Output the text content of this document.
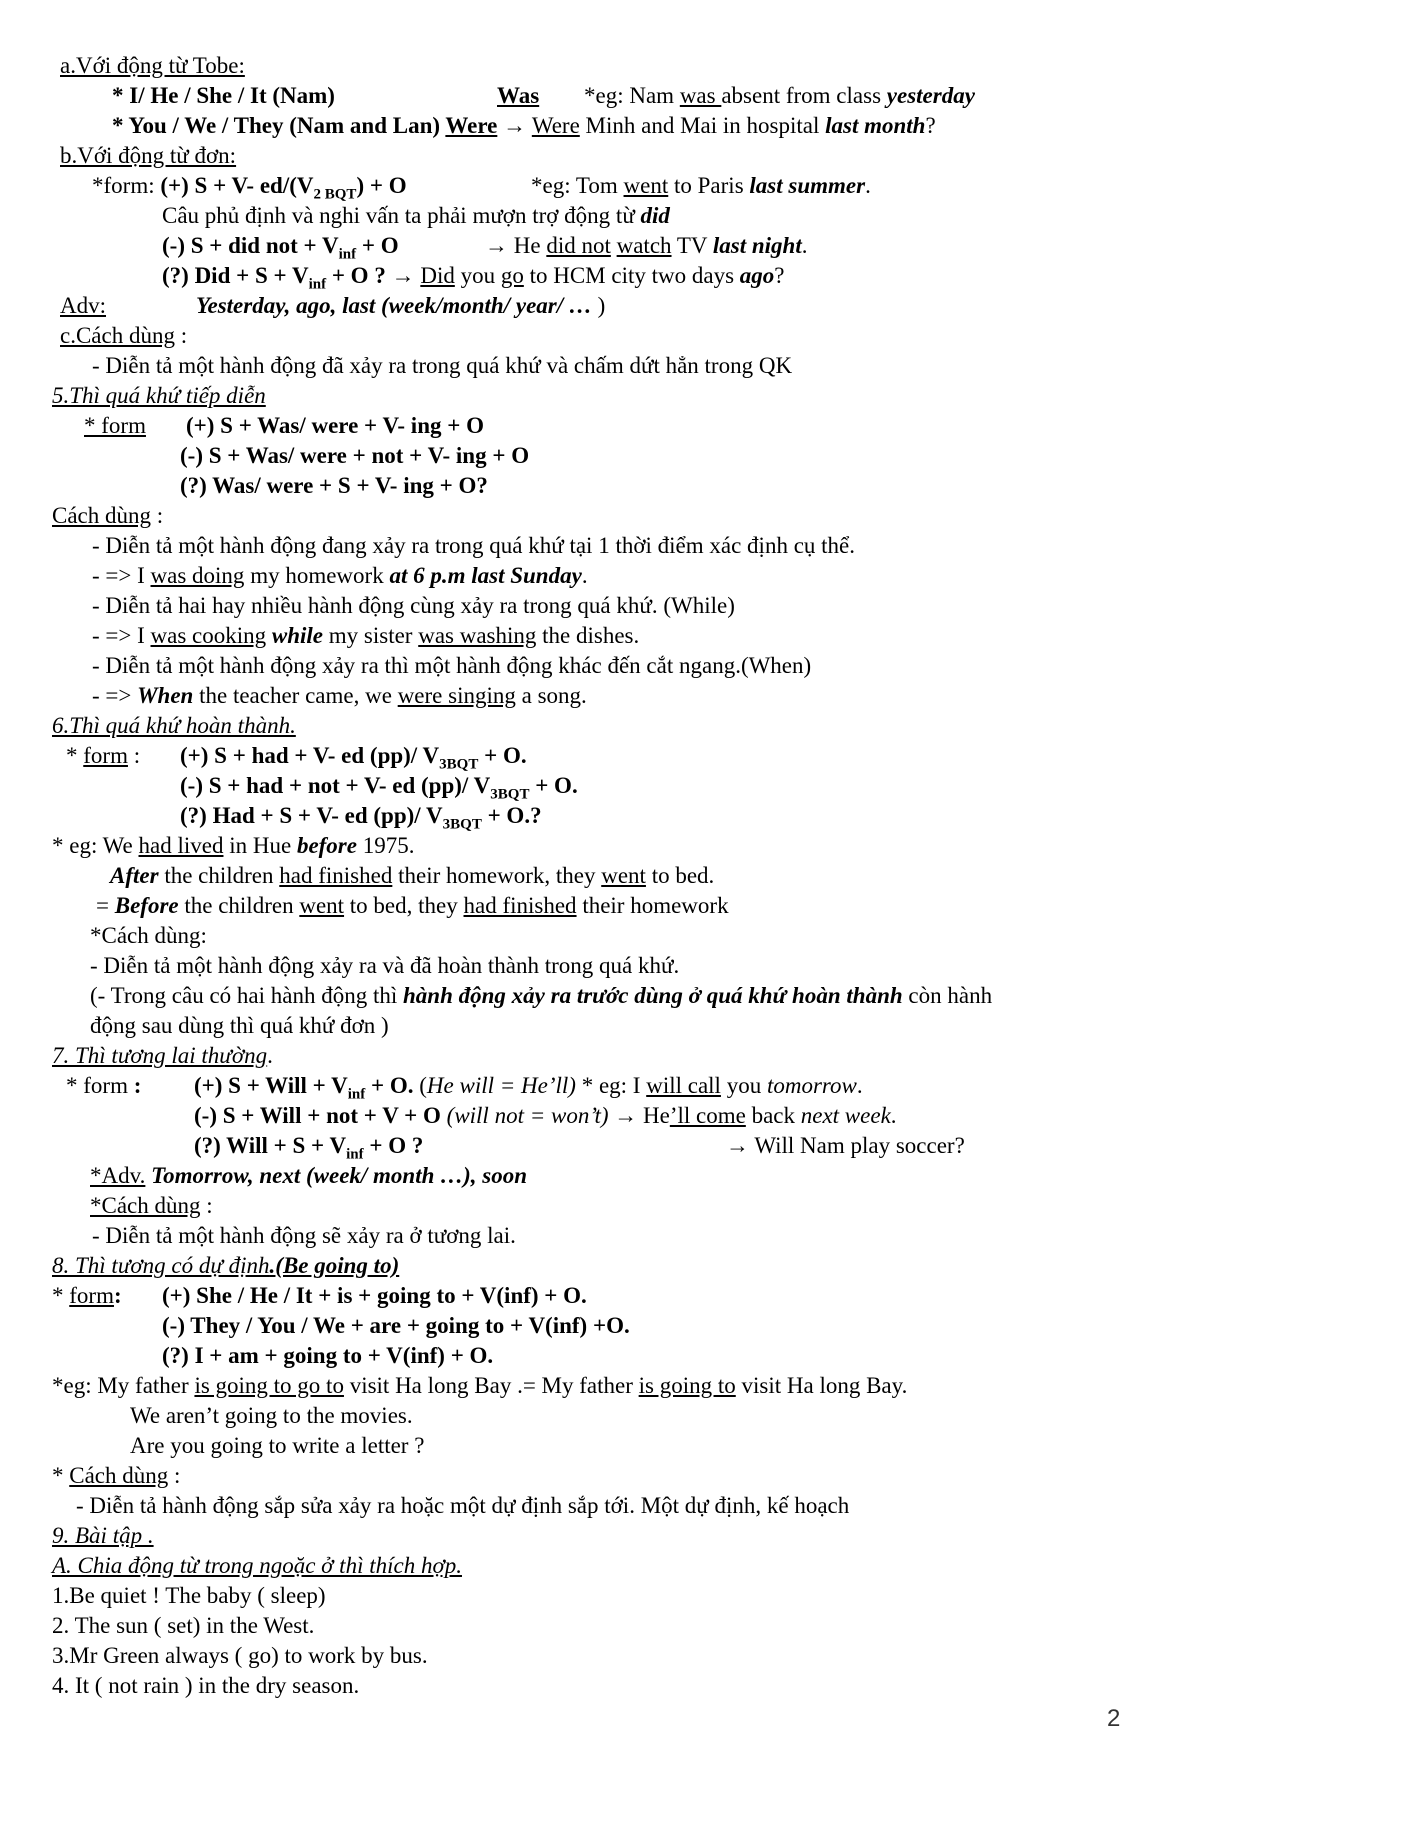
a.Với động từ Tobe:
* I/ He / She / It (Nam)	Was *eg: Nam was absent from class yesterday
* You / We / They (Nam and Lan) Were → Were Minh and Mai in hospital last month?
b.Với động từ đơn:
*form: (+) S + V- $ed/(V_{2 BQT}) + O$	*eg: Tom went to Paris last summer.
Câu phủ định và nghi vấn ta phải mượn trợ động từ did
(-) S + did not + $V_{inf} + O$	→ He did not watch TV last night.
(?) Did + $S + V_{inf} + O$ ? → Did you go to HCM city two days ago?
Adv:	Yesterday, ago, last (week/month/ year/ … )
c.Cách dùng :
- Diễn tả một hành động đã xảy ra trong quá khứ và chấm dứt hẳn trong QK
5.Thì quá khứ tiếp diễn
* form (+) S + Was/ were + V- ing + O
(-) S + Was/ were + not + V- ing + O
(?) Was/ were + S + V- ing + O?
Cách dùng :
- Diễn tả một hành động đang xảy ra trong quá khứ tại 1 thời điểm xác định cụ thể.
- => I was doing my homework at 6 p.m last Sunday.
- Diễn tả hai hay nhiều hành động cùng xảy ra trong quá khứ. (While)
- => I was cooking while my sister was washing the dishes.
- Diễn tả một hành động xảy ra thì một hành động khác đến cắt ngang.(When)
- => When the teacher came, we were singing a song.
6.Thì quá khứ hoàn thành.
* form : (+) S + had + V- ed (pp)/ $V_{3BQT} + O$.
(-) S + had + not + V- ed (pp)/ $V_{3BQT} + O$.
(?) Had + S + V- ed (pp)/ $V_{3BQT} + O$.?
* eg: We had lived in Hue before 1975.
After the children had finished their homework, they went to bed.
= Before the children went to bed, they had finished their homework
*Cách dùng:
- Diễn tả một hành động xảy ra và đã hoàn thành trong quá khứ.
(- Trong câu có hai hành động thì hành động xảy ra trước dùng ở quá khứ hoàn thành còn hành
động sau dùng thì quá khứ đơn )
7. Thì tương lai thường.
* form : (+) S + Will + $V_{inf} + O$. (He will = He’ll) * eg: I will call you tomorrow.
(-) S + Will + not + V + O (will not = won’t) → He’ll come back next week.
(?) Will + $S + V_{inf} + O$ ?	→ Will Nam play soccer?
*Adv. Tomorrow, next (week/ month …), soon
*Cách dùng :
- Diễn tả một hành động sẽ xảy ra ở tương lai.
8. Thì tương có dự định.(Be going to)
* form: (+) She / He / It + is + going to + V(inf) + O.
(-) They / You / We + are + going to + V(inf) +O.
(?) I + am + going to + V(inf) + O.
*eg: My father is going to go to visit Ha long Bay .= My father is going to visit Ha long Bay.
We aren’t going to the movies.
Are you going to write a letter ?
* Cách dùng :
- Diễn tả hành động sắp sửa xảy ra hoặc một dự định sắp tới. Một dự định, kế hoạch
9. Bài tập .
A. Chia động từ trong ngoặc ở thì thích hợp.
1.Be quiet ! The baby ( sleep)
2. The sun ( set) in the West.
3.Mr Green always ( go) to work by bus.
4. It ( not rain ) in the dry season.
2
